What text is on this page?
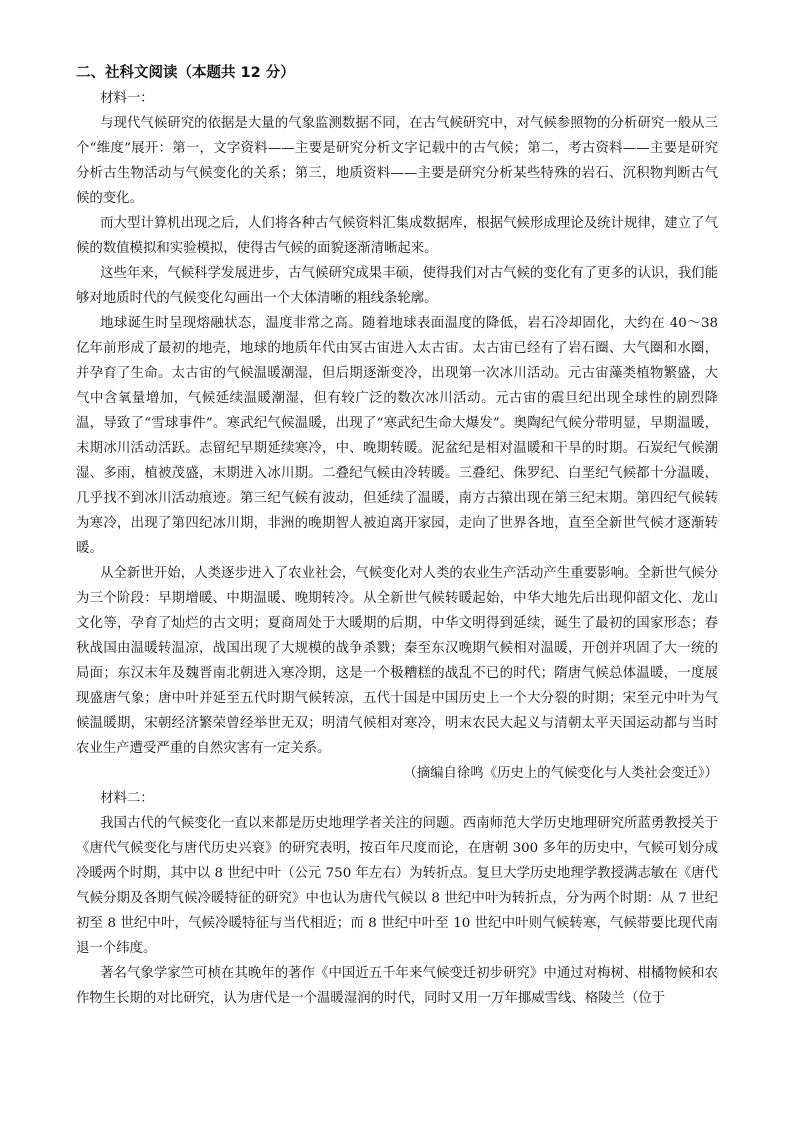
二、社科文阅读（本题共 12 分）

材料一：

与现代气候研究的依据是大量的气象监测数据不同，在古气候研究中，对气候参照物的分析研究一般从三个“维度”展开：第一，文字资料——主要是研究分析文字记载中的古气候；第二，考古资料——主要是研究分析古生物活动与气候变化的关系；第三，地质资料——主要是研究分析某些特殊的岩石、沉积物判断古气候的变化。

而大型计算机出现之后，人们将各种古气候资料汇集成数据库，根据气候形成理论及统计规律，建立了气候的数值模拟和实验模拟，使得古气候的面貌逐渐清晰起来。

这些年来，气候科学发展进步，古气候研究成果丰硕，使得我们对古气候的变化有了更多的认识，我们能够对地质时代的气候变化勾画出一个大体清晰的粗线条轮廓。

地球诞生时呈现熔融状态，温度非常之高。随着地球表面温度的降低，岩石冷却固化，大约在 40～38 亿年前形成了最初的地壳，地球的地质年代由冥古宙进入太古宙。太古宙已经有了岩石圈、大气圈和水圈，并孕育了生命。太古宙的气候温暖潮湿，但后期逐渐变冷，出现第一次冰川活动。元古宙藻类植物繁盛，大气中含氧量增加，气候延续温暖潮湿，但有较广泛的数次冰川活动。元古宙的震旦纪出现全球性的剧烈降温，导致了“雪球事件”。寒武纪气候温暖，出现了“寒武纪生命大爆发”。奥陶纪气候分带明显，早期温暖，末期冰川活动活跃。志留纪早期延续寒冷，中、晚期转暖。泥盆纪是相对温暖和干旱的时期。石炭纪气候潮湿、多雨，植被茂盛，末期进入冰川期。二叠纪气候由冷转暖。三叠纪、侏罗纪、白垩纪气候都十分温暖，几乎找不到冰川活动痕迹。第三纪气候有波动，但延续了温暖，南方古猿出现在第三纪末期。第四纪气候转为寒冷，出现了第四纪冰川期，非洲的晚期智人被迫离开家园，走向了世界各地，直至全新世气候才逐渐转暖。

从全新世开始，人类逐步进入了农业社会，气候变化对人类的农业生产活动产生重要影响。全新世气候分为三个阶段：早期增暖、中期温暖、晚期转冷。从全新世气候转暖起始，中华大地先后出现仰韶文化、龙山文化等，孕育了灿烂的古文明；夏商周处于大暖期的后期，中华文明得到延续，诞生了最初的国家形态；春秋战国由温暖转温凉，战国出现了大规模的战争杀戮；秦至东汉晚期气候相对温暖，开创并巩固了大一统的局面；东汉末年及魏晋南北朝进入寒冷期，这是一个极糟糕的战乱不已的时代；隋唐气候总体温暖，一度展现盛唐气象；唐中叶并延至五代时期气候转凉，五代十国是中国历史上一个大分裂的时期；宋至元中叶为气候温暖期，宋朝经济繁荣曾经举世无双；明清气候相对寒冷，明末农民大起义与清朝太平天国运动都与当时农业生产遭受严重的自然灾害有一定关系。

（摘编自徐鸣《历史上的气候变化与人类社会变迁》）

材料二：

我国古代的气候变化一直以来都是历史地理学者关注的问题。西南师范大学历史地理研究所蓝勇教授关于《唐代气候变化与唐代历史兴衰》的研究表明，按百年尺度而论，在唐朝 300 多年的历史中，气候可划分成冷暖两个时期，其中以 8 世纪中叶（公元 750 年左右）为转折点。复旦大学历史地理学教授满志敏在《唐代气候分期及各期气候冷暖特征的研究》中也认为唐代气候以 8 世纪中叶为转折点，分为两个时期：从 7 世纪初至 8 世纪中叶，气候冷暖特征与当代相近；而 8 世纪中叶至 10 世纪中叶则气候转寒，气候带要比现代南退一个纬度。

著名气象学家竺可桢在其晚年的著作《中国近五千年来气候变迁初步研究》中通过对梅树、柑橘物候和农作物生长期的对比研究，认为唐代是一个温暖湿润的时代，同时又用一万年挪威雪线、格陵兰（位于
